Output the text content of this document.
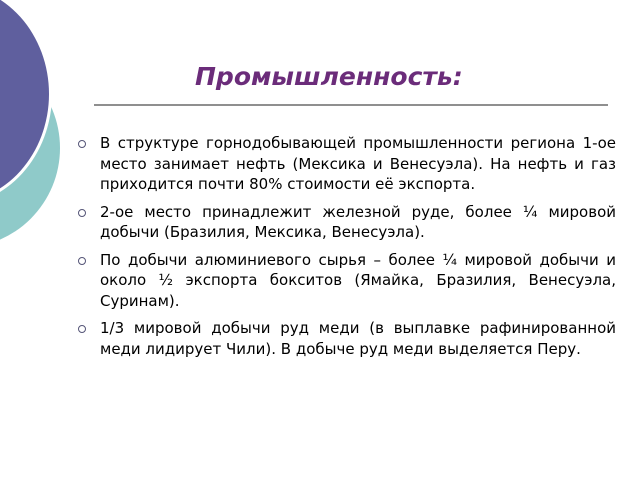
Промышленность:
В структуре горнодобывающей промышленности региона 1-ое место занимает нефть (Мексика и Венесуэла). На нефть и газ приходится почти 80% стоимости её экспорта.
2-ое место принадлежит железной руде, более ¼ мировой добычи (Бразилия, Мексика, Венесуэла).
По добычи алюминиевого сырья – более ¼ мировой добычи и около ½ экспорта бокситов (Ямайка, Бразилия, Венесуэла, Суринам).
1/3 мировой добычи руд меди (в выплавке рафинированной меди лидирует Чили). В добыче руд меди выделяется Перу.
